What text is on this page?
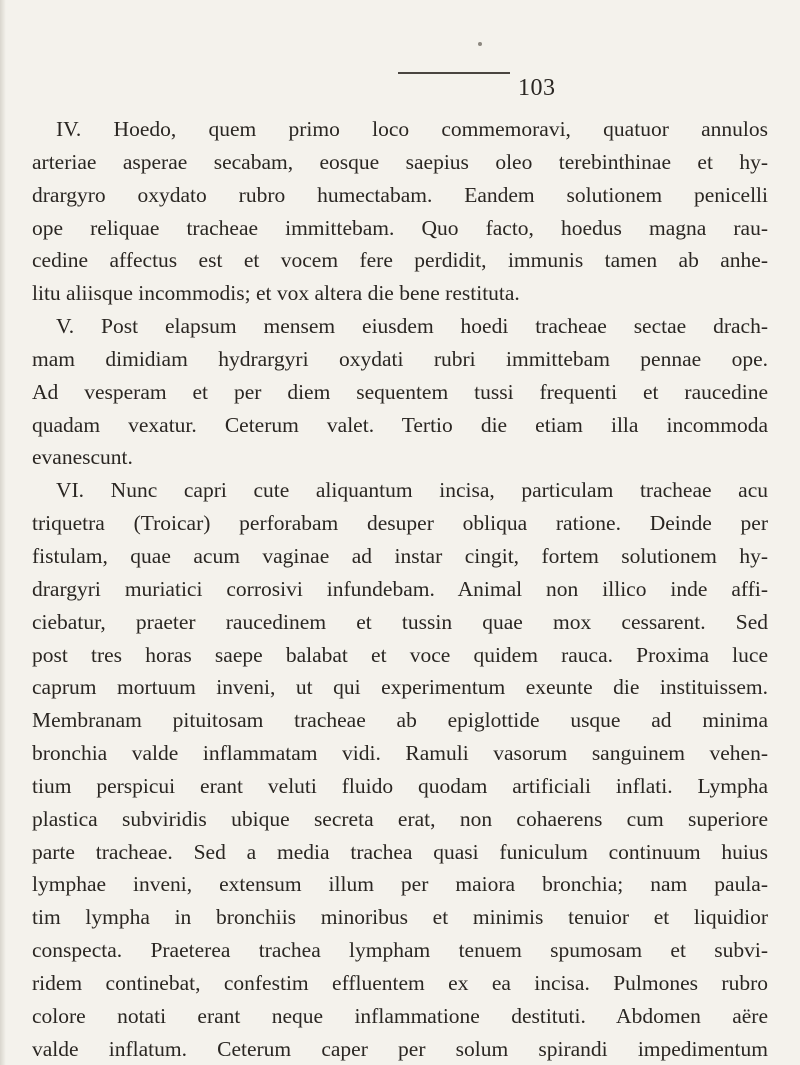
103
IV. Hoedo, quem primo loco commemoravi, quatuor annulos
arteriae asperae secabam, eosque saepius oleo terebinthinae et hy-
drargyro oxydato rubro humectabam. Eandem solutionem penicelli
ope reliquae tracheae immittebam. Quo facto, hoedus magna rau-
cedine affectus est et vocem fere perdidit, immunis tamen ab anhe-
litu aliisque incommodis; et vox altera die bene restituta.
V. Post elapsum mensem eiusdem hoedi tracheae sectae drach-
mam dimidiam hydrargyri oxydati rubri immittebam pennae ope.
Ad vesperam et per diem sequentem tussi frequenti et raucedine
quadam vexatur. Ceterum valet. Tertio die etiam illa incommoda
evanescunt.
VI. Nunc capri cute aliquantum incisa, particulam tracheae acu
triquetra (Troicar) perforabam desuper obliqua ratione. Deinde per
fistulam, quae acum vaginae ad instar cingit, fortem solutionem hy-
drargyri muriatici corrosivi infundebam. Animal non illico inde affi-
ciebatur, praeter raucedinem et tussin quae mox cessarent. Sed
post tres horas saepe balabat et voce quidem rauca. Proxima luce
caprum mortuum inveni, ut qui experimentum exeunte die instituissem.
Membranam pituitosam tracheae ab epiglottide usque ad minima
bronchia valde inflammatam vidi. Ramuli vasorum sanguinem vehen-
tium perspicui erant veluti fluido quodam artificiali inflati. Lympha
plastica subviridis ubique secreta erat, non cohaerens cum superiore
parte tracheae. Sed a media trachea quasi funiculum continuum huius
lymphae inveni, extensum illum per maiora bronchia; nam paula-
tim lympha in bronchiis minoribus et minimis tenuior et liquidior
conspecta. Praeterea trachea lympham tenuem spumosam et subvi-
ridem continebat, confestim effluentem ex ea incisa. Pulmones rubro
colore notati erant neque inflammatione destituti. Abdomen aëre
valde inflatum. Ceterum caper per solum spirandi impedimentum
